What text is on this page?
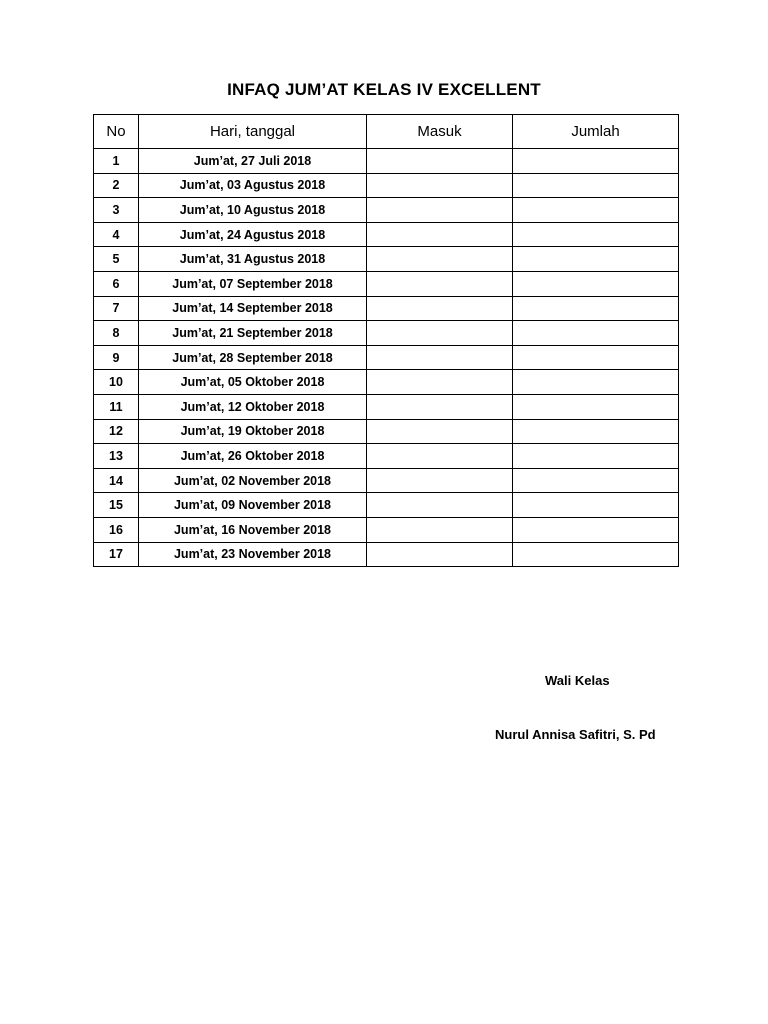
INFAQ JUM’AT KELAS IV EXCELLENT
No	Hari, tanggal	Masuk	Jumlah
1	Jum’at, 27 Juli 2018		
2	Jum’at, 03 Agustus 2018		
3	Jum’at, 10 Agustus 2018		
4	Jum’at, 24 Agustus 2018		
5	Jum’at, 31 Agustus 2018		
6	Jum’at, 07 September 2018		
7	Jum’at, 14 September 2018		
8	Jum’at, 21 September 2018		
9	Jum’at, 28 September 2018		
10	Jum’at, 05 Oktober 2018		
11	Jum’at, 12 Oktober 2018		
12	Jum’at, 19 Oktober 2018		
13	Jum’at, 26 Oktober 2018		
14	Jum’at, 02 November 2018		
15	Jum’at, 09 November 2018		
16	Jum’at, 16 November 2018		
17	Jum’at, 23 November 2018		
Wali Kelas
Nurul Annisa Safitri, S. Pd
